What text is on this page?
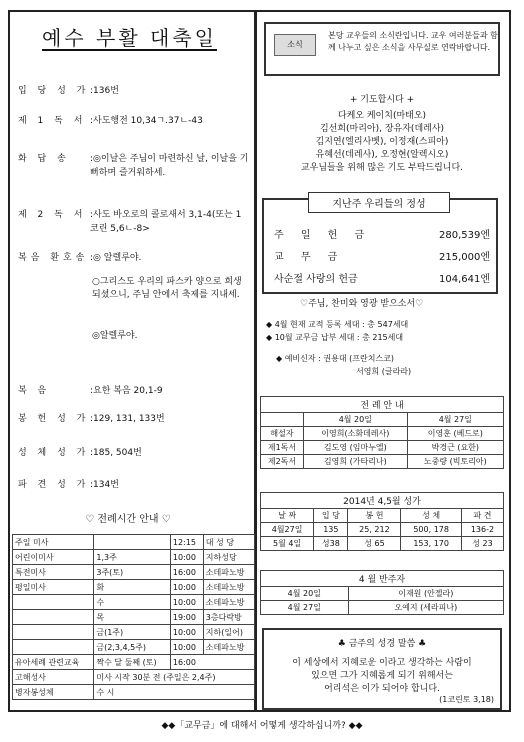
예수 부활 대축일
입 당 성 가 :136번
제 1 독 서 :사도행전 10,34ㄱ.37ㄴ-43
화 답 송 :◎이날은 주님이 마련하신 날, 이날을 기뻐하며 즐거워하세.
제 2 독 서 :사도 바오로의 콜로새서 3,1-4(또는 1코린 5,6ㄴ-8>
복음 환호송 :◎ 알렐루야.
○그리스도 우리의 파스카 양으로 희생되셨으니, 주님 안에서 축제를 지내세.
◎알렐루야.
복 음	:요한 복음 20,1-9
봉 헌 성 가 :129, 131, 133번
성 체 성 가 :185, 504번
파 견 성 가 :134번
♡ 전례시간 안내 ♡
주일 미사		12:15	대 성 당
어린이미사	1,3주	10:00	지하성당
특전미사	3주(토)	16:00	소데파노방
평일미사	화	10:00	소데파노방
	수	10:00	소데파노방
	목	19:00	3층다락방
	금(1주)	10:00	지하(일어)
	금(2,3,4,5주)	10:00	소데파노방
유아세례 관련교육	짝수 달 둘째 (토)	16:00	
고해성사	미사 시작 30분 전 (주일은 2,4주)		
병자봉성체	수 시		
소식
본당 교우들의 소식란입니다. 교우 여러분들과 함께 나누고 싶은 소식을 사무실로 연락바랍니다.
+ 기도합시다 +
다케오 케이치(마태오)
김선희(마리아), 장유자(데레사)
김지연(엘리사벳), 이정재(스피아)
유혜선(데레사), 오정현(알렉시오)
교우님들을 위해 많은 기도 부탁드립니다.
지난주 우리들의 정성
주 일 헌 금	280,539엔
교 무 금	215,000엔
사순절 사랑의 헌금	104,641엔
♡주님, 찬미와 영광 받으소서♡
◆ 4월 현재 교적 등록 세대 : 총 547세대
◆ 10월 교무금 납부 세대 : 총 215세대
◆ 예비신자 : 권용대 (프란치스코)
서영희 (글라라)
전 례 안 내		
	4월 20일	4월 27일
해설자	이영희(소화데레사)	이영훈 (베드로)
제1독서	김도영 (임마누엘)	박경근 (요한)
제2독서	김영희 (가타리나)	노중량 (빅토리아)
2014년 4,5월 성가				
날 짜	입 당	봉 헌	성 체	파 견
4월27일	135	25, 212	500, 178	136-2
5월 4일	성38	성 65	153, 170	성 23
4 월 반주자	
4월 20일	이재원 (안젤라)
4월 27일	오예지 (세라피나)
♣ 금주의 성경 말씀 ♣
이 세상에서 지혜로운 이라고 생각하는 사람이
있으면 그가 지혜롭게 되기 위해서는
어리석은 이가 되어야 합니다.
(1코린토 3,18)
◆◆「교무금」에 대해서 어떻게 생각하십니까? ◆◆
